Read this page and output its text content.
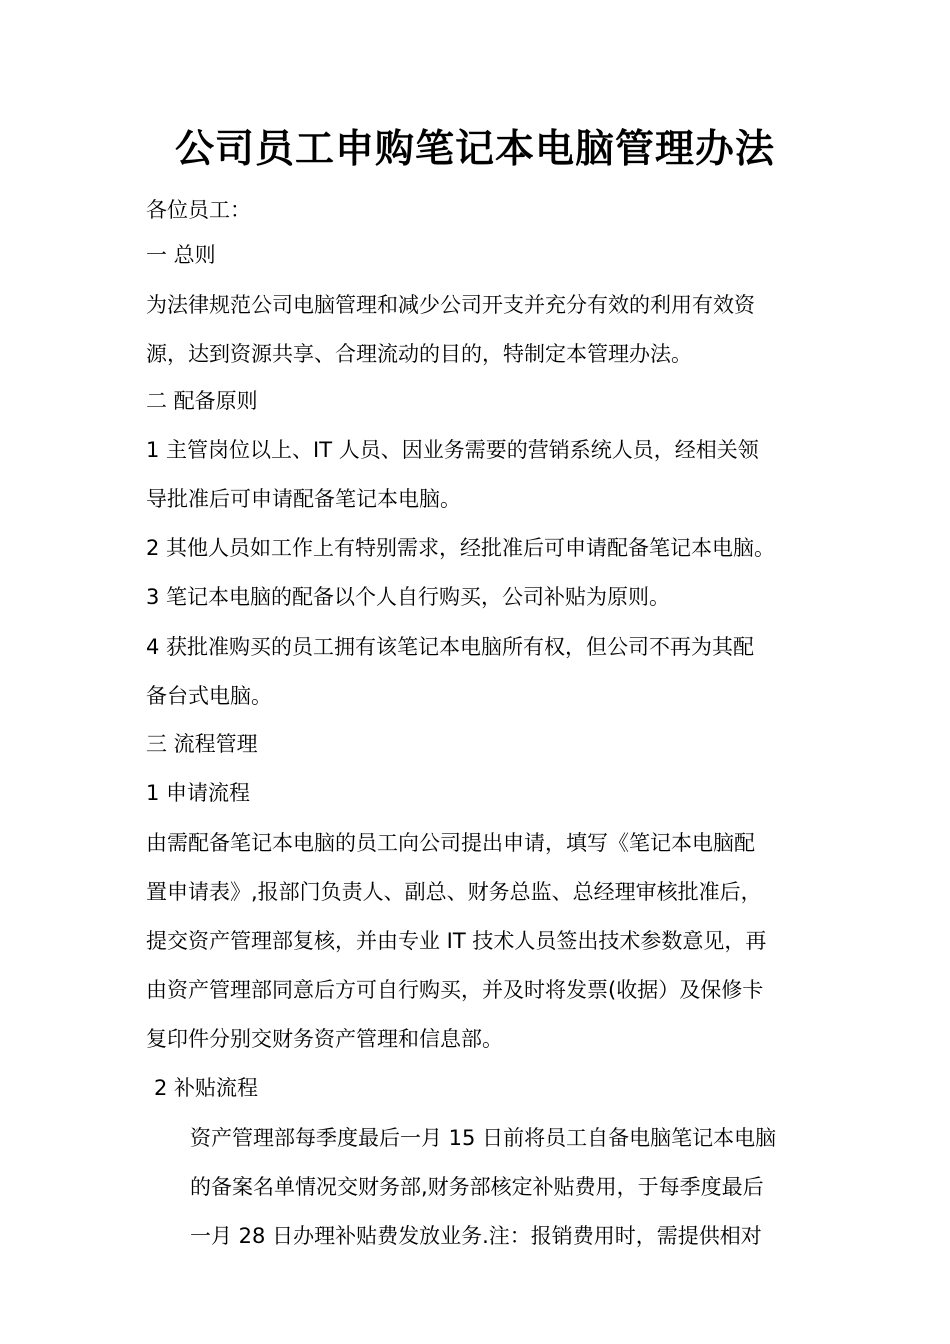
公司员工申购笔记本电脑管理办法

各位员工：

一 总则

为法律规范公司电脑管理和减少公司开支并充分有效的利用有效资

源，达到资源共享、合理流动的目的，特制定本管理办法。

二 配备原则

1 主管岗位以上、IT 人员、因业务需要的营销系统人员，经相关领

导批准后可申请配备笔记本电脑。

2 其他人员如工作上有特别需求，经批准后可申请配备笔记本电脑。

3 笔记本电脑的配备以个人自行购买，公司补贴为原则。

4 获批准购买的员工拥有该笔记本电脑所有权，但公司不再为其配

备台式电脑。

三 流程管理

1 申请流程

由需配备笔记本电脑的员工向公司提出申请，填写《笔记本电脑配

置申请表》,报部门负责人、副总、财务总监、总经理审核批准后，

提交资产管理部复核，并由专业 IT 技术人员签出技术参数意见，再

由资产管理部同意后方可自行购买，并及时将发票(收据）及保修卡

复印件分别交财务资产管理和信息部。

2 补贴流程

资产管理部每季度最后一月 15 日前将员工自备电脑笔记本电脑

的备案名单情况交财务部,财务部核定补贴费用，于每季度最后

一月 28 日办理补贴费发放业务.注：报销费用时，需提供相对
